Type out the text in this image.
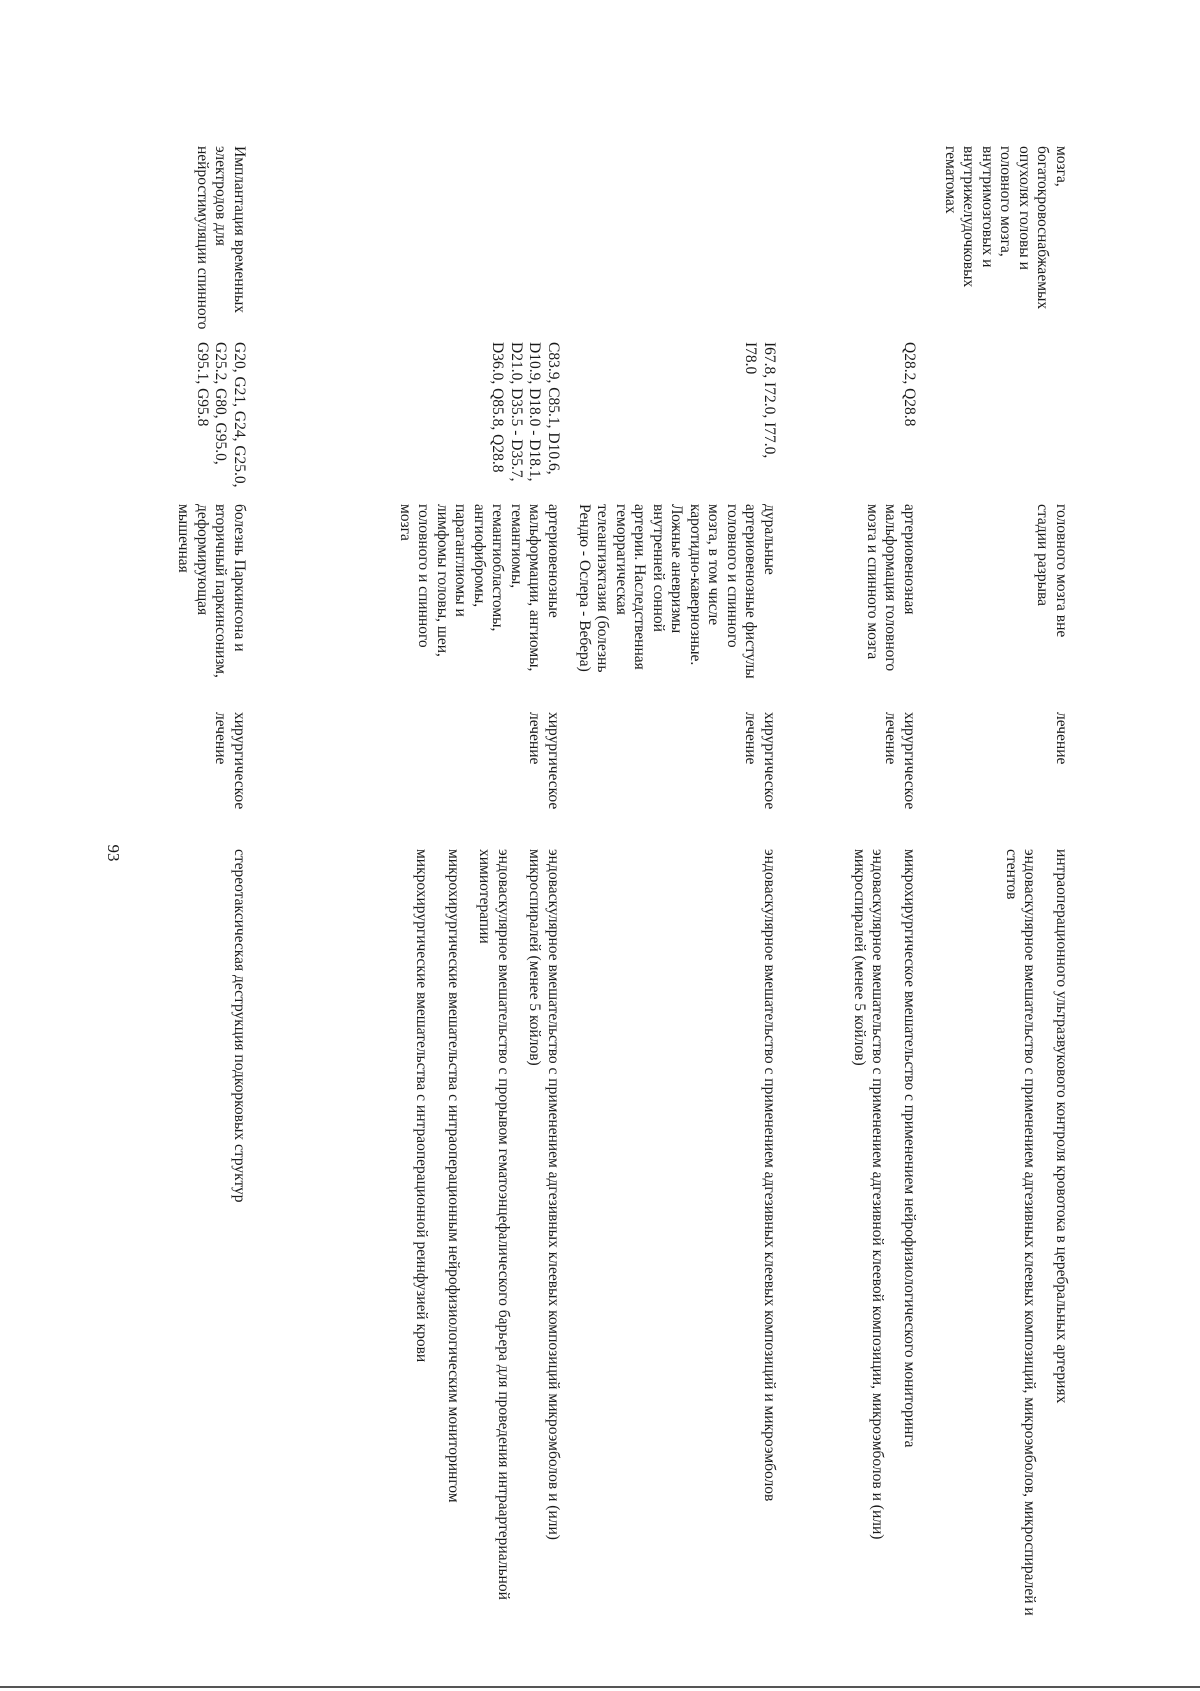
93
мозга, богатокровоснабжаемых опухолях головы и головного мозга, внутримозговых и внутрижелудочковых гематомах
головного мозга вне стадии разрыва
лечение

интраоперационного ультразвукового контроля кровотока в церебральных артериях

эндоваскулярное вмешательство с применением адгезивных клеевых композиций, микроэмболов, микроспиралей и стентов

Q28.2, Q28.8
артериовенозная мальформация головного мозга и спинного мозга
хирургическое лечение

микрохирургическое вмешательство с применением нейрофизиологического мониторинга

эндоваскулярное вмешательство с применением адгезивной клеевой композиции, микроэмболов и (или) микроспиралей (менее 5 койлов)

I67.8, I72.0, I77.0, I78.0
дуральные артериовенозные фистулы головного и спинного мозга, в том числе каротидно-кавернозные. Ложные аневризмы внутренней сонной артерии. Наследственная геморрагическая телеангиэктазия (болезнь Рендю - Ослера - Вебера)
хирургическое лечение

эндоваскулярное вмешательство с применением адгезивных клеевых композиций и микроэмболов

C83.9, C85.1, D10.6, D10.9, D18.0 - D18.1, D21.0, D35.5 - D35.7, D36.0, Q85.8, Q28.8
артериовенозные мальформации, ангиомы, гемангиомы, гемангиобластомы, ангиофибромы, параганглиомы и лимфомы головы, шеи, головного и спинного мозга
хирургическое лечение

эндоваскулярное вмешательство с применением адгезивных клеевых композиций микроэмболов и (или) микроспиралей (менее 5 койлов)

эндоваскулярное вмешательство с прорывом гематоэнцефалического барьера для проведения интраартериальной химиотерапии

микрохирургические вмешательства с интраоперационным нейрофизиологическим мониторингом

микрохирургические вмешательства с интраоперационной реинфузией крови

Имплантация временных электродов для нейростимуляции спинного
G20, G21, G24, G25.0, G25.2, G80, G95.0, G95.1, G95.8
болезнь Паркинсона и вторичный паркинсонизм, деформирующая мышечная
хирургическое лечение

стереотаксическая деструкция подкорковых структур
